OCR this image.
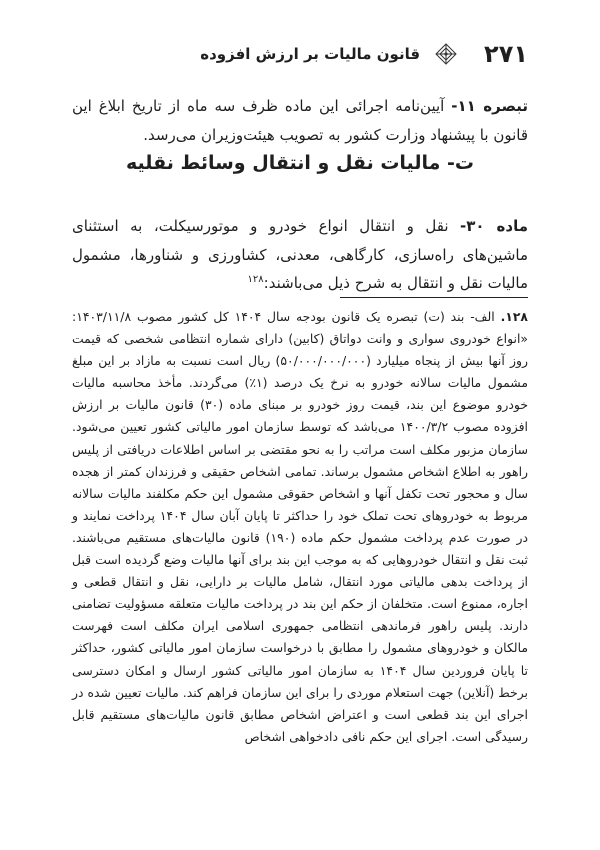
۲۷۱
قانون مالیات بر ارزش افزوده
تبصره ۱۱- آیین‌نامه اجرائی این ماده ظرف سه ماه از تاریخ ابلاغ این قانون با پیشنهاد وزارت کشور به تصویب هیئت‌وزیران می‌رسد.
ت- مالیات نقل و انتقال وسائط نقلیه
ماده ۳۰- نقل و انتقال انواع خودرو و موتورسیکلت، به استثنای ماشین‌های راه‌سازی، کارگاهی، معدنی، کشاورزی و شناورها، مشمول مالیات نقل و انتقال به شرح ذیل می‌باشند:$^{۱۲۸}$
۱۲۸. الف- بند (ت) تبصره یک قانون بودجه سال ۱۴۰۴ کل کشور مصوب ۱۴۰۳/۱۱/۸: «انواع خودروی سواری و وانت دواتاق (کابین) دارای شماره انتظامی شخصی که قیمت روز آنها بیش از پنجاه میلیارد (۵۰/۰۰۰/۰۰۰/۰۰۰) ریال است نسبت به مازاد بر این مبلغ مشمول مالیات سالانه خودرو به نرخ یک درصد (۱٪) می‌گردند. مأخذ محاسبه مالیات خودرو موضوع این بند، قیمت روز خودرو بر مبنای ماده (۳۰) قانون مالیات بر ارزش افزوده مصوب ۱۴۰۰/۳/۲ می‌باشد که توسط سازمان امور مالیاتی کشور تعیین می‌شود. سازمان مزبور مکلف است مراتب را به نحو مقتضی بر اساس اطلاعات دریافتی از پلیس راهور به اطلاع اشخاص مشمول برساند. تمامی اشخاص حقیقی و فرزندان کمتر از هجده سال و محجور تحت تکفل آنها و اشخاص حقوقی مشمول این حکم مکلفند مالیات سالانه مربوط به خودروهای تحت تملک خود را حداکثر تا پایان آبان سال ۱۴۰۴ پرداخت نمایند و در صورت عدم پرداخت مشمول حکم ماده (۱۹۰) قانون مالیات‌های مستقیم می‌باشند. ثبت نقل و انتقال خودروهایی که به موجب این بند برای آنها مالیات وضع گردیده است قبل از پرداخت بدهی مالیاتی مورد انتقال، شامل مالیات بر دارایی، نقل و انتقال قطعی و اجاره، ممنوع است. متخلفان از حکم این بند در پرداخت مالیات متعلقه مسؤولیت تضامنی دارند. پلیس راهور فرماندهی انتظامی جمهوری اسلامی ایران مکلف است فهرست مالکان و خودروهای مشمول را مطابق با درخواست سازمان امور مالیاتی کشور، حداکثر تا پایان فروردین سال ۱۴۰۴ به سازمان امور مالیاتی کشور ارسال و امکان دسترسی برخط (آنلاین) جهت استعلام موردی را برای این سازمان فراهم کند. مالیات تعیین شده در اجرای این بند قطعی است و اعتراض اشخاص مطابق قانون مالیات‌های مستقیم قابل رسیدگی است. اجرای این حکم نافی دادخواهی اشخاص
